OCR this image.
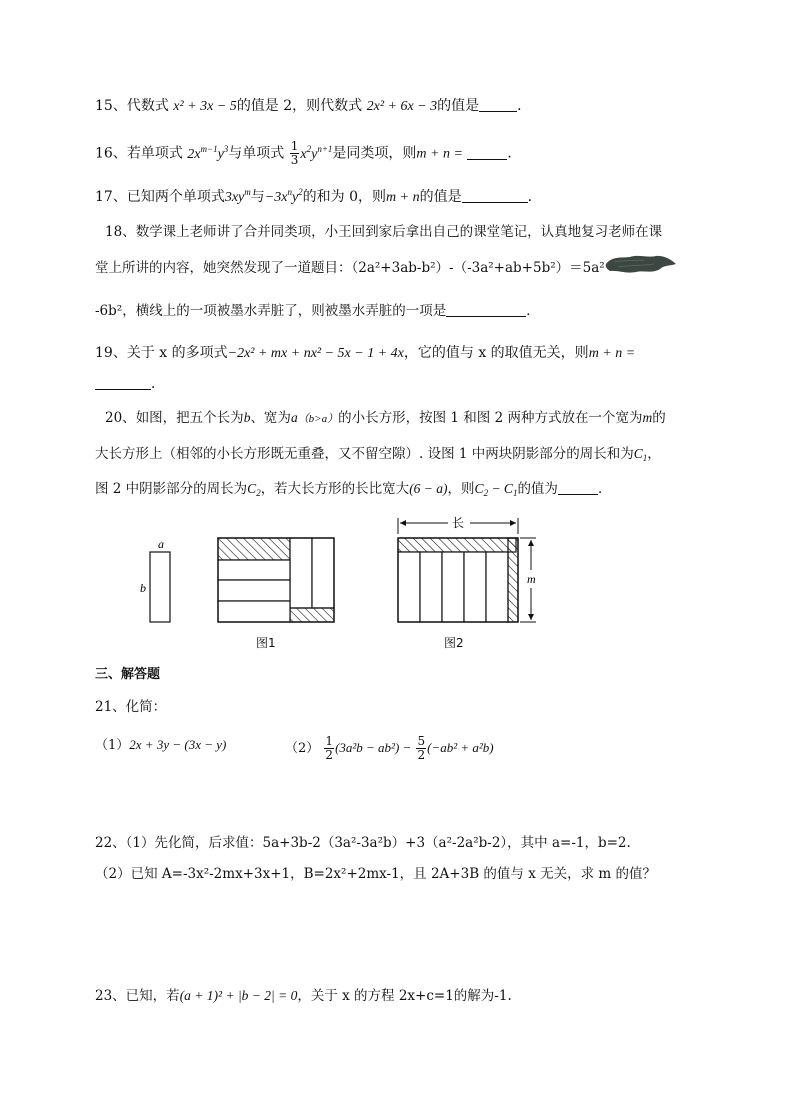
15、代数式 x² + 3x − 5的值是 2，则代数式 2x² + 6x − 3的值是	．
16、若单项式 $2x^{m-1}y^3$与单项式 $\frac{1}{3} x^2y^{n+1}$是同类项，则m + n =	．
17、已知两个单项式$3xy^m$与$-3x^ny^2$的和为 0，则m + n的值是	．
18、数学课上老师讲了合并同类项，小王回到家后拿出自己的课堂笔记，认真地复习老师在课
堂上所讲的内容，她突然发现了一道题目：（2a²+3ab-b²）-（-3a²+ab+5b²）＝5a²
-6b²，横线上的一项被墨水弄脏了，则被墨水弄脏的一项是	．
19、关于 x 的多项式−2x² + mx + nx² − 5x − 1 + 4x，它的值与 x 的取值无关，则m + n =
．
20、如图，把五个长为b、宽为a（b>a）的小长方形，按图 1 和图 2 两种方式放在一个宽为m的
大长方形上（相邻的小长方形既无重叠，又不留空隙）. 设图 1 中两块阴影部分的周长和为$C_1$，
图 2 中阴影部分的周长为$C_2$，若大长方形的长比宽大(6 − a)，则$C_2 - C_1$的值为	．
a
b
长
m
图1	图2
三、解答题
21、化简：
（1）2x + 3y − (3x − y)	$(2) \frac{1}{2} (3a^2b - ab^2) - \frac{5}{2} (-ab^2 + a^2b)$
22、（1）先化简，后求值：5a+3b-2（3a²-3a²b）+3（a²-2a²b-2），其中 a=-1，b=2.
（2）已知 A=-3x²-2mx+3x+1，B=2x²+2mx-1，且 2A+3B 的值与 x 无关，求 m 的值？
23、已知，若(a + 1)² + |b − 2| = 0，关于 x 的方程 2x+c=1的解为-1.
